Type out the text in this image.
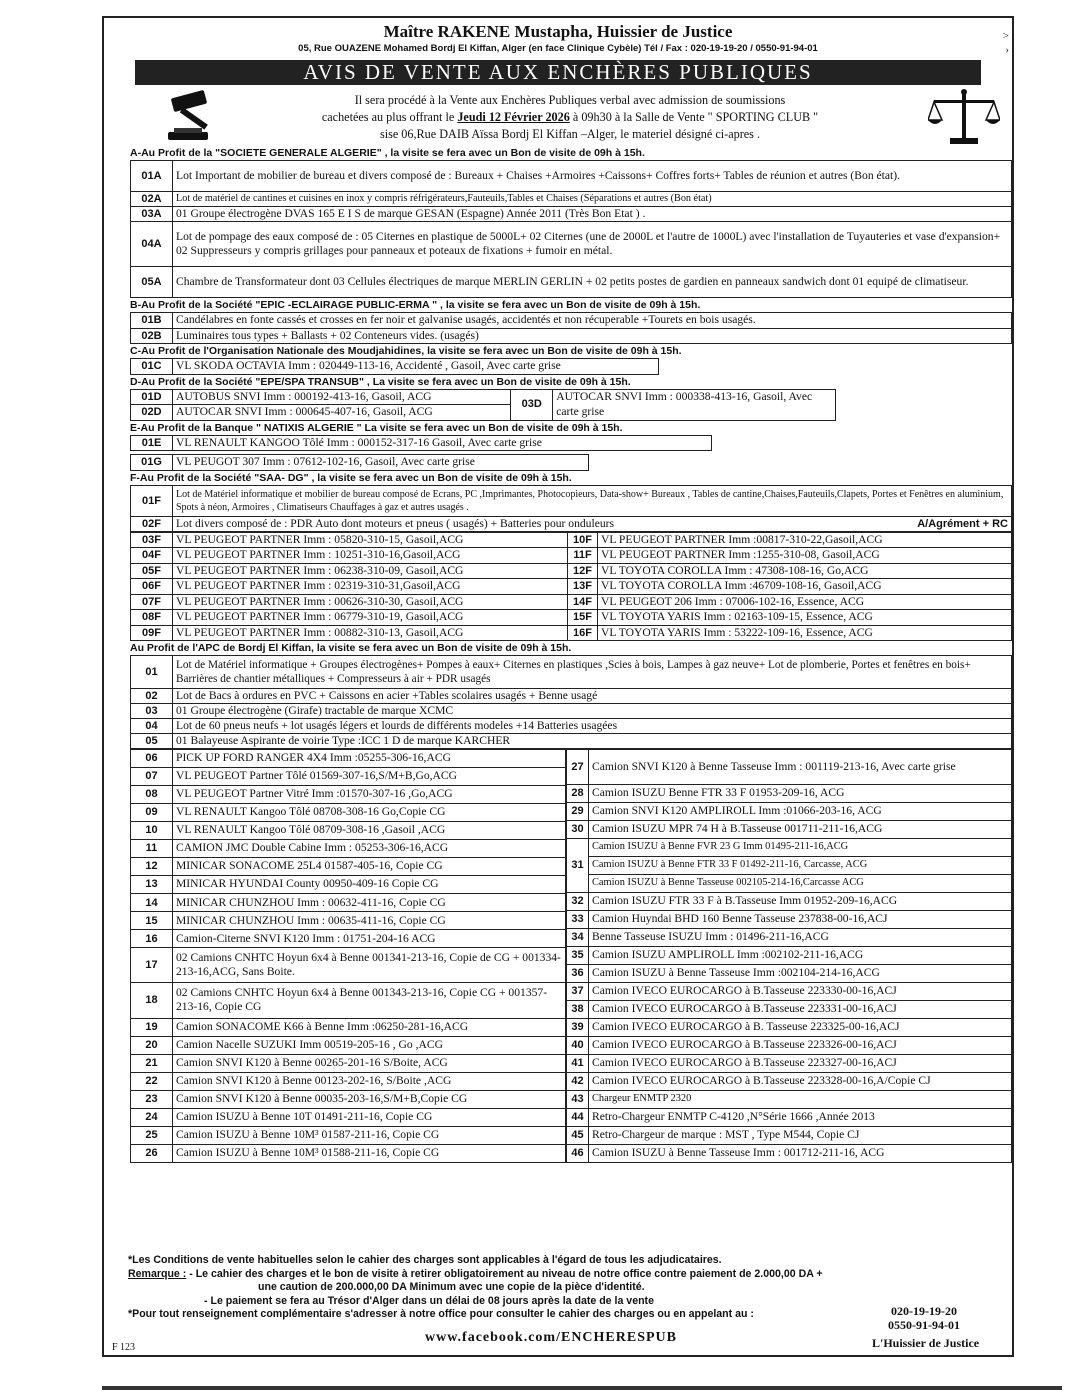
Maître RAKENE Mustapha, Huissier de Justice
05, Rue OUAZENE Mohamed Bordj El Kiffan, Alger (en face Clinique Cybèle) Tél / Fax : 020-19-19-20 / 0550-91-94-01
>
›
AVIS DE VENTE AUX ENCHÈRES PUBLIQUES
Il sera procédé à la Vente aux Enchères Publiques verbal avec admission de soumissions
cachetées au plus offrant le Jeudi 12 Février 2026 à 09h30 à la Salle de Vente " SPORTING CLUB "
sise 06,Rue DAIB Aïssa Bordj El Kiffan –Alger, le materiel désigné ci-apres .
A-Au Profit de la "SOCIETE GENERALE ALGERIE" , la visite se fera avec un Bon de visite de 09h à 15h.
01A	Lot Important de mobilier de bureau et divers composé de : Bureaux + Chaises +Armoires +Caissons+ Coffres forts+ Tables de réunion et autres (Bon état).
02A	Lot de matériel de cantines et cuisines en inox y compris réfrigérateurs,Fauteuils,Tables et Chaises (Séparations et autres (Bon état)
03A	01 Groupe électrogène DVAS 165 E I S de marque GESAN (Espagne) Année 2011 (Très Bon Etat ) .
04A	Lot de pompage des eaux composé de : 05 Citernes en plastique de 5000L+ 02 Citernes (une de 2000L et l'autre de 1000L) avec l'installation de Tuyauteries et vase d'expansion+ 02 Suppresseurs y compris grillages pour panneaux et poteaux de fixations + fumoir en métal.
05A	Chambre de Transformateur dont 03 Cellules électriques de marque MERLIN GERLIN + 02 petits postes de gardien en panneaux sandwich dont 01 equipé de climatiseur.
B-Au Profit de la Société "EPIC -ECLAIRAGE PUBLIC-ERMA " , la visite se fera avec un Bon de visite de 09h à 15h.
01B	Candélabres en fonte cassés et crosses en fer noir et galvanise usagés, accidentés et non récuperable +Tourets en bois usagés.
02B	Luminaires tous types + Ballasts + 02 Conteneurs vides. (usagés)
C-Au Profit de l'Organisation Nationale des Moudjahidines, la visite se fera avec un Bon de visite de 09h à 15h.
01C	VL SKODA OCTAVIA Imm : 020449-113-16, Accidenté , Gasoil, Avec carte grise
D-Au Profit de la Société "EPE/SPA TRANSUB" , La visite se fera avec un Bon de visite de 09h à 15h.
01D	AUTOBUS SNVI Imm : 000192-413-16, Gasoil, ACG	03D	AUTOCAR SNVI Imm : 000338-413-16, Gasoil, Avec carte grise
02D	AUTOCAR SNVI Imm : 000645-407-16, Gasoil, ACG		
E-Au Profit de la Banque " NATIXIS ALGERIE " La visite se fera avec un Bon de visite de 09h à 15h.
01E	VL RENAULT KANGOO Tôlé Imm : 000152-317-16 Gasoil, Avec carte grise
01G	VL PEUGOT 307 Imm : 07612-102-16, Gasoil, Avec carte grise
F-Au Profit de la Société "SAA- DG" , la visite se fera avec un Bon de visite de 09h à 15h.
01F	Lot de Matériel informatique et mobilier de bureau composé de Ecrans, PC ,Imprimantes, Photocopieurs, Data-show+ Bureaux , Tables de cantine,Chaises,Fauteuils,Clapets, Portes et Fenêtres en aluminium, Spots à néon, Armoires , Climatiseurs Chauffages à gaz et autres usagés .
02F	Lot divers composé de : PDR Auto dont moteurs et pneus ( usagés) + Batteries pour onduleurs A/Agrément + RC
03F	VL PEUGEOT PARTNER Imm : 05820-310-15, Gasoil,ACG	10F	VL PEUGEOT PARTNER Imm :00817-310-22,Gasoil,ACG
04F	VL PEUGEOT PARTNER Imm : 10251-310-16,Gasoil,ACG	11F	VL PEUGEOT PARTNER Imm :1255-310-08, Gasoil,ACG
05F	VL PEUGEOT PARTNER Imm : 06238-310-09, Gasoil,ACG	12F	VL TOYOTA COROLLA Imm : 47308-108-16, Go,ACG
06F	VL PEUGEOT PARTNER Imm : 02319-310-31,Gasoil,ACG	13F	VL TOYOTA COROLLA Imm :46709-108-16, Gasoil,ACG
07F	VL PEUGEOT PARTNER Imm : 00626-310-30, Gasoil,ACG	14F	VL PEUGEOT 206 Imm : 07006-102-16, Essence, ACG
08F	VL PEUGEOT PARTNER Imm : 06779-310-19, Gasoil,ACG	15F	VL TOYOTA YARIS Imm : 02163-109-15, Essence, ACG
09F	VL PEUGEOT PARTNER Imm : 00882-310-13, Gasoil,ACG	16F	VL TOYOTA YARIS Imm : 53222-109-16, Essence, ACG
Au Profit de l'APC de Bordj El Kiffan, la visite se fera avec un Bon de visite de 09h à 15h.
01	Lot de Matériel informatique + Groupes électrogènes+ Pompes à eaux+ Citernes en plastiques ,Scies à bois, Lampes à gaz neuve+ Lot de plomberie, Portes et fenêtres en bois+ Barrières de chantier métalliques + Compresseurs à air + PDR usagés
02	Lot de Bacs à ordures en PVC + Caissons en acier +Tables scolaires usagés + Benne usagé
03	01 Groupe électrogène (Girafe) tractable de marque XCMC
04	Lot de 60 pneus neufs + lot usagés légers et lourds de différents modeles +14 Batteries usagées
05	01 Balayeuse Aspirante de voirie Type :ICC 1 D de marque KARCHER
06	PICK UP FORD RANGER 4X4 Imm :05255-306-16,ACG
07	VL PEUGEOT Partner Tôlé 01569-307-16,S/M+B,Go,ACG
08	VL PEUGEOT Partner Vitré Imm :01570-307-16 ,Go,ACG
09	VL RENAULT Kangoo Tôlé 08708-308-16 Go,Copie CG
10	VL RENAULT Kangoo Tôlé 08709-308-16 ,Gasoil ,ACG
11	CAMION JMC Double Cabine Imm : 05253-306-16,ACG
12	MINICAR SONACOME 25L4 01587-405-16, Copie CG
13	MINICAR HYUNDAI County 00950-409-16 Copie CG
14	MINICAR CHUNZHOU Imm : 00632-411-16, Copie CG
15	MINICAR CHUNZHOU Imm : 00635-411-16, Copie CG
16	Camion-Citerne SNVI K120 Imm : 01751-204-16 ACG
17	02 Camions CNHTC Hoyun 6x4 à Benne 001341-213-16, Copie de CG + 001334-213-16,ACG, Sans Boite.
18	02 Camions CNHTC Hoyun 6x4 à Benne 001343-213-16, Copie CG + 001357-213-16, Copie CG
19	Camion SONACOME K66 à Benne Imm :06250-281-16,ACG
20	Camion Nacelle SUZUKI Imm 00519-205-16 , Go ,ACG
21	Camion SNVI K120 à Benne 00265-201-16 S/Boite, ACG
22	Camion SNVI K120 à Benne 00123-202-16, S/Boite ,ACG
23	Camion SNVI K120 à Benne 00035-203-16,S/M+B,Copie CG
24	Camion ISUZU à Benne 10T 01491-211-16, Copie CG
25	Camion ISUZU à Benne 10M³ 01587-211-16, Copie CG
26	Camion ISUZU à Benne 10M³ 01588-211-16, Copie CG
27	Camion SNVI K120 à Benne Tasseuse Imm : 001119-213-16, Avec carte grise
28	Camion ISUZU Benne FTR 33 F 01953-209-16, ACG
29	Camion SNVI K120 AMPLIROLL Imm :01066-203-16, ACG
30	Camion ISUZU MPR 74 H à B.Tasseuse 001711-211-16,ACG
31	Camion ISUZU à Benne FVR 23 G Imm 01495-211-16,ACG
	Camion ISUZU à Benne FTR 33 F 01492-211-16, Carcasse, ACG
	Camion ISUZU à Benne Tasseuse 002105-214-16,Carcasse ACG
32	Camion ISUZU FTR 33 F à B.Tasseuse Imm 01952-209-16,ACG
33	Camion Huyndai BHD 160 Benne Tasseuse 237838-00-16,ACJ
34	Benne Tasseuse ISUZU Imm : 01496-211-16,ACG
35	Camion ISUZU AMPLIROLL Imm :002102-211-16,ACG
36	Camion ISUZU à Benne Tasseuse Imm :002104-214-16,ACG
37	Camion IVECO EUROCARGO à B.Tasseuse 223330-00-16,ACJ
38	Camion IVECO EUROCARGO à B.Tasseuse 223331-00-16,ACJ
39	Camion IVECO EUROCARGO à B. Tasseuse 223325-00-16,ACJ
40	Camion IVECO EUROCARGO à B.Tasseuse 223326-00-16,ACJ
41	Camion IVECO EUROCARGO à B.Tasseuse 223327-00-16,ACJ
42	Camion IVECO EUROCARGO à B.Tasseuse 223328-00-16,A/Copie CJ
43	Chargeur ENMTP 2320
44	Retro-Chargeur ENMTP C-4120 ,N°Série 1666 ,Année 2013
45	Retro-Chargeur de marque : MST , Type M544, Copie CJ
46	Camion ISUZU à Benne Tasseuse Imm : 001712-211-16, ACG
*Les Conditions de vente habituelles selon le cahier des charges sont applicables à l'égard de tous les adjudicataires.
Remarque : - Le cahier des charges et le bon de visite à retirer obligatoirement au niveau de notre office contre paiement de 2.000,00 DA +
une caution de 200.000,00 DA Minimum avec une copie de la pièce d'identité.
- Le paiement se fera au Trésor d'Alger dans un délai de 08 jours après la date de la vente
*Pour tout renseignement complémentaire s'adresser à notre office pour consulter le cahier des charges ou en appelant au :	020-19-19-20
0550-91-94-01
www.facebook.com/ENCHERESPUB	L'Huissier de Justice
F 123
